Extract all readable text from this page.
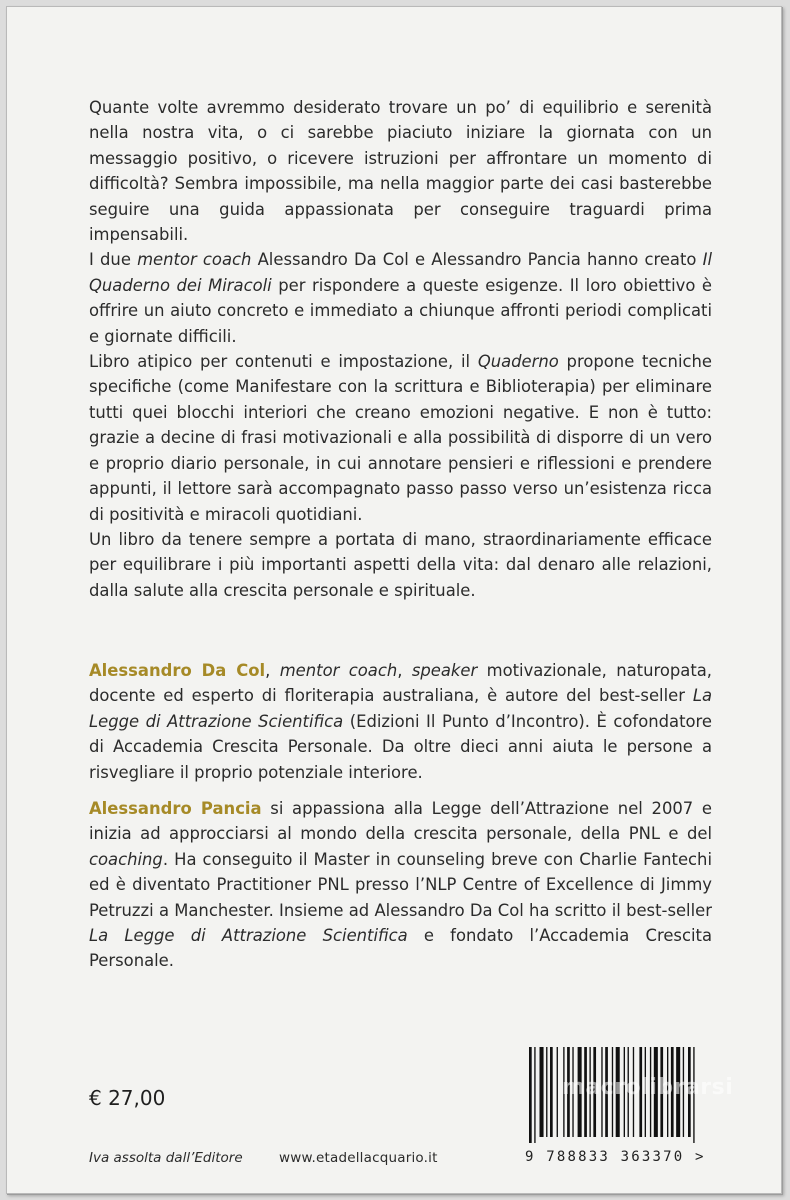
Quante volte avremmo desiderato trovare un po’ di equilibrio e serenità nella nostra vita, o ci sarebbe piaciuto iniziare la giornata con un messaggio positivo, o ricevere istruzioni per affrontare un momento di difficoltà? Sembra impossibile, ma nella maggior parte dei casi basterebbe seguire una guida appassionata per conseguire traguardi prima impensabili.

I due mentor coach Alessandro Da Col e Alessandro Pancia hanno creato Il Quaderno dei Miracoli per rispondere a queste esigenze. Il loro obiettivo è offrire un aiuto concreto e immediato a chiunque affronti periodi complicati e giornate difficili.

Libro atipico per contenuti e impostazione, il Quaderno propone tecniche specifiche (come Manifestare con la scrittura e Biblioterapia) per eliminare tutti quei blocchi interiori che creano emozioni negative. E non è tutto: grazie a decine di frasi motivazionali e alla possibilità di disporre di un vero e proprio diario personale, in cui annotare pensieri e riflessioni e prendere appunti, il lettore sarà accompagnato passo passo verso un’esistenza ricca di positività e miracoli quotidiani.

Un libro da tenere sempre a portata di mano, straordinariamente efficace per equilibrare i più importanti aspetti della vita: dal denaro alle relazioni, dalla salute alla crescita personale e spirituale.

Alessandro Da Col, mentor coach, speaker motivazionale, naturopata, docente ed esperto di floriterapia australiana, è autore del best-seller La Legge di Attrazione Scientifica (Edizioni Il Punto d’Incontro). È cofondatore di Accademia Crescita Personale. Da oltre dieci anni aiuta le persone a risvegliare il proprio potenziale interiore.
Alessandro Pancia si appassiona alla Legge dell’Attrazione nel 2007 e inizia ad approcciarsi al mondo della crescita personale, della PNL e del coaching. Ha conseguito il Master in counseling breve con Charlie Fantechi ed è diventato Practitioner PNL presso l’NLP Centre of Excellence di Jimmy Petruzzi a Manchester. Insieme ad Alessandro Da Col ha scritto il best-seller La Legge di Attrazione Scientifica e fondato l’Accademia Crescita Personale.
€ 27,00
Iva assolta dall’Editore	www.etadellacquario.it
macrolibrarsi
9 788833 363370 >
